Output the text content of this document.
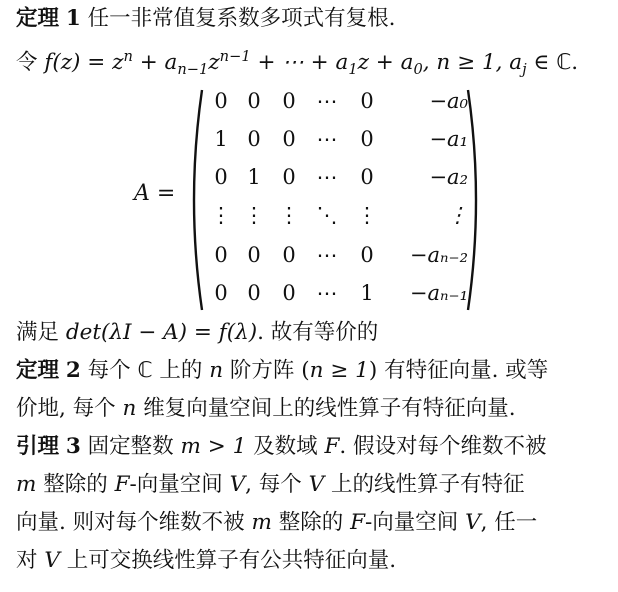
定理 1 任一非常值复系数多项式有复根.
令 $f(z) = z^n + a_{n-1}z^{n-1}$ + ⋯ + $a_1z + a_0$, n ≥ 1, $a_j$ ∈ ℂ.
A =
0 0 0 ⋯ 0	−a₀
1 0 0 ⋯ 0	−a₁
0 1 0 ⋯ 0	−a₂
⋮ ⋮ ⋮ ⋱ ⋮	⋮
0 0 0 ⋯ 0	−aₙ₋₂
0 0 0 ⋯ 1	−aₙ₋₁
满足 det(λI − A) = f(λ). 故有等价的
定理 2 每个 ℂ 上的 n 阶方阵 (n ≥ 1) 有特征向量. 或等
价地, 每个 n 维复向量空间上的线性算子有特征向量.
引理 3 固定整数 m > 1 及数域 F. 假设对每个维数不被
m 整除的 F-向量空间 V, 每个 V 上的线性算子有特征
向量. 则对每个维数不被 m 整除的 F-向量空间 V, 任一
对 V 上可交换线性算子有公共特征向量.
